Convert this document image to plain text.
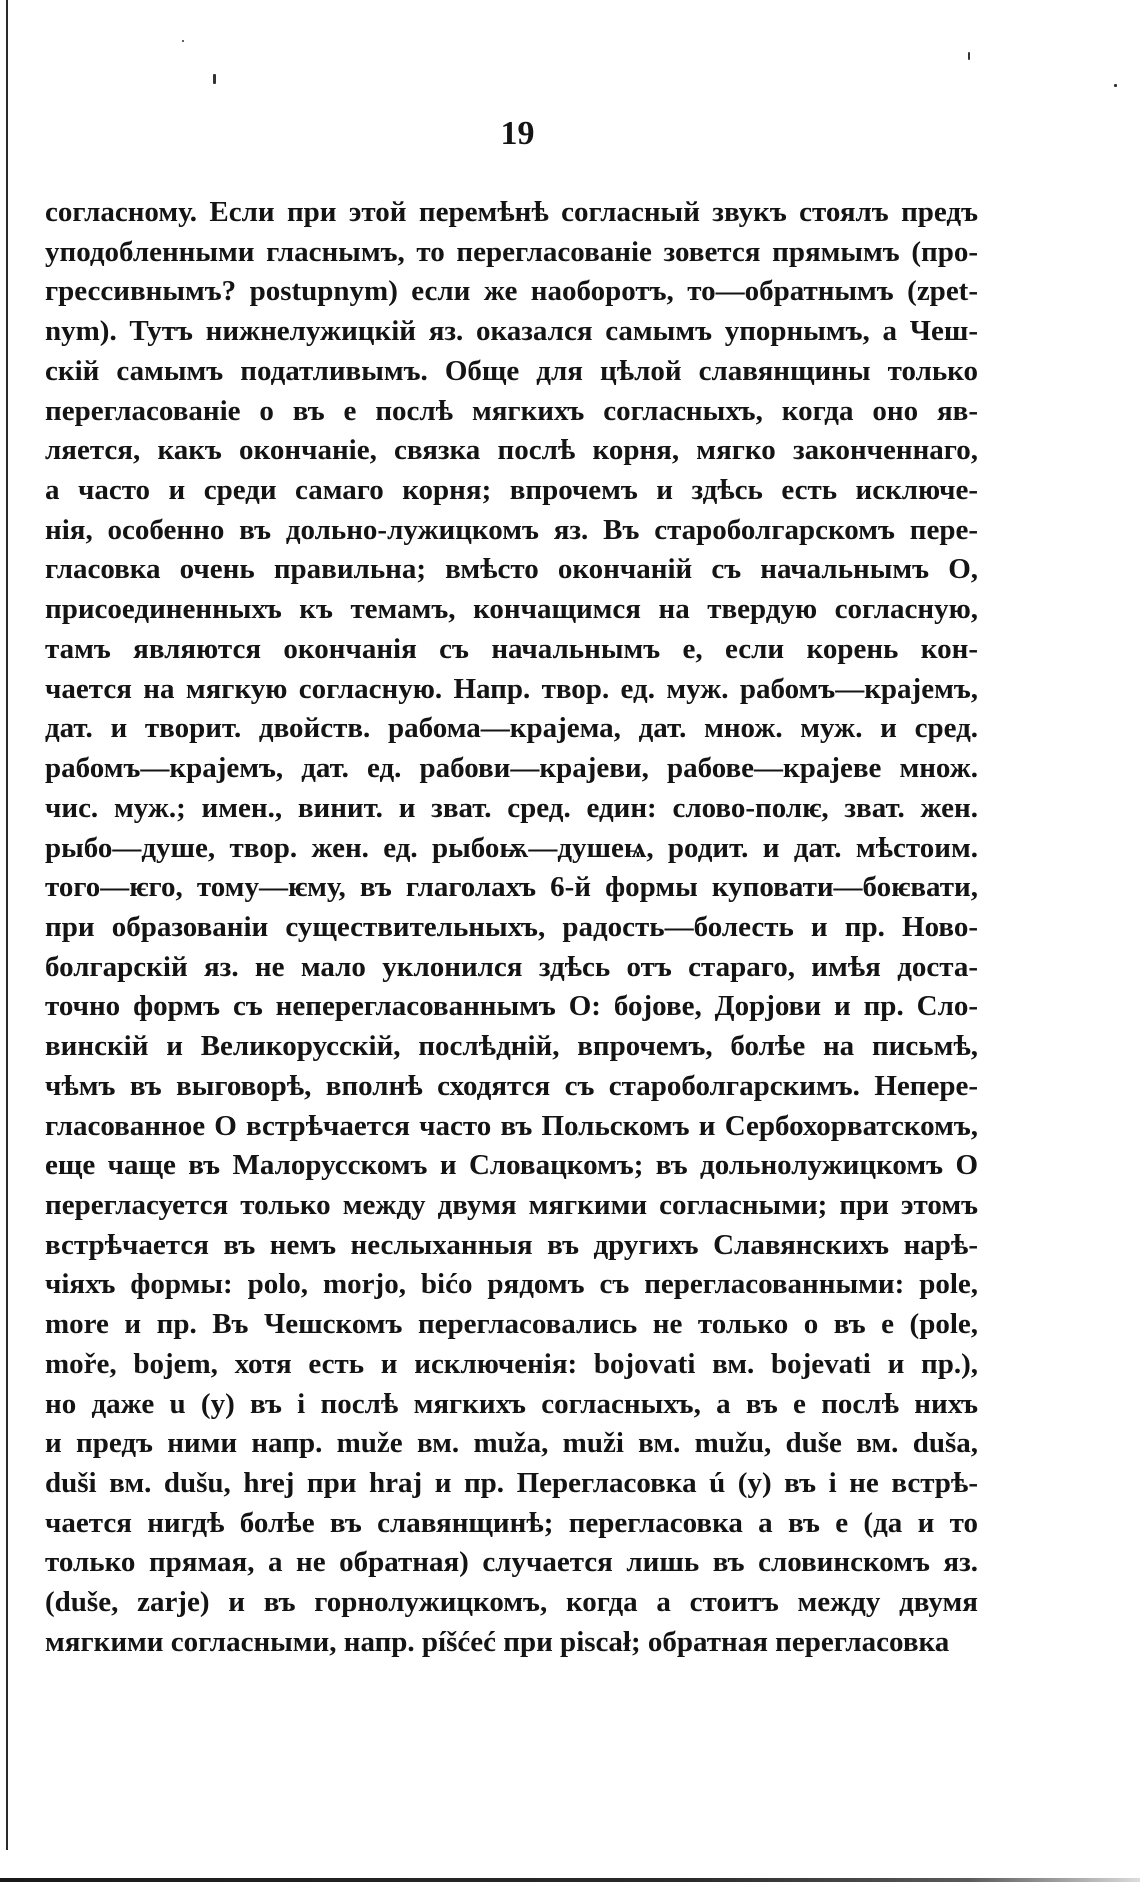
19
согласному. Если при этой перемѣнѣ согласный звукъ стоялъ предъ
уподобленными гласнымъ, то перегласованіе зовется прямымъ (про-
грессивнымъ? postupnym) если же наоборотъ, то—обратнымъ (zpet-
nym). Тутъ нижнелужицкій яз. оказался самымъ упорнымъ, а Чеш-
скій самымъ податливымъ. Обще для цѣлой славянщины только
перегласованіе о въ е послѣ мягкихъ согласныхъ, когда оно яв-
ляется, какъ окончаніе, связка послѣ корня, мягко законченнаго,
а часто и среди самаго корня; впрочемъ и здѣсь есть исключе-
нія, особенно въ дольно-лужицкомъ яз. Въ староболгарскомъ пере-
гласовка очень правильна; вмѣсто окончаній съ начальнымъ О,
присоединенныхъ къ темамъ, кончащимся на твердую согласную,
тамъ являются окончанія съ начальнымъ е, если корень кон-
чается на мягкую согласную. Напр. твор. ед. муж. рабомъ—крајемъ,
дат. и творит. двойств. рабома—крајема, дат. множ. муж. и сред.
рабомъ—крајемъ, дат. ед. рабови—крајеви, рабове—крајеве множ.
чис. муж.; имен., винит. и зват. сред. един: слово-полѥ, зват. жен.
рыбо—душе, твор. жен. ед. рыбоѭ—душеѩ, родит. и дат. мѣстоим.
того—ѥго, тому—ѥму, въ глаголахъ 6-й формы куповати—боѥвати,
при образованіи существительныхъ, радость—болесть и пр. Ново-
болгарскій яз. не мало уклонился здѣсь отъ стараго, имѣя доста-
точно формъ съ неперегласованнымъ О: бојове, Дорјови и пр. Сло-
винскій и Великорусскій, послѣдній, впрочемъ, болѣе на письмѣ,
чѣмъ въ выговорѣ, вполнѣ сходятся съ староболгарскимъ. Непере-
гласованное О встрѣчается часто въ Польскомъ и Сербохорватскомъ,
еще чаще въ Малорусскомъ и Словацкомъ; въ дольнолужицкомъ О
перегласуется только между двумя мягкими согласными; при этомъ
встрѣчается въ немъ неслыханныя въ другихъ Славянскихъ нарѣ-
чіяхъ формы: polo, morjo, bićo рядомъ съ перегласованными: pole,
more и пр. Въ Чешскомъ перегласовались не только о въ е (pole,
moře, bojem, хотя есть и исключенія: bojovati вм. bojevati и пр.),
но даже u (у) въ і послѣ мягкихъ согласныхъ, а въ е послѣ нихъ
и предъ ними напр. muže вм. muža, muži вм. mužu, duše вм. duša,
duši вм. dušu, hrej при hraj и пр. Перегласовка ú (у) въ і не встрѣ-
чается нигдѣ болѣе въ славянщинѣ; перегласовка а въ е (да и то
только прямая, а не обратная) случается лишь въ словинскомъ яз.
(duše, zarje) и въ горнолужицкомъ, когда а стоитъ между двумя
мягкими согласными, напр. píšćeć при piscał; обратная перегласовка
